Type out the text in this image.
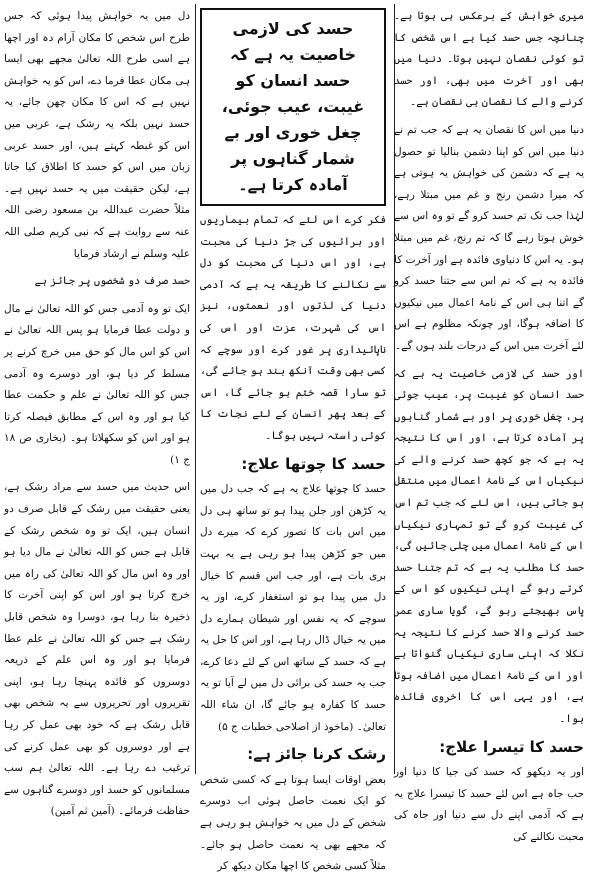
میری خواہش کے برعکس ہی ہوتا ہے۔ چنانچہ جس حسد کیا ہے اس شخص کا تو کوئی نقصان نہیں ہوتا۔ دنیا میں بھی اور آخرت میں بھی، اور حسد کرنے والے کا نقصان ہی نقصان ہے۔

دنیا میں اس کا نقصان یہ ہے کہ جب تم نے دنیا میں اس کو اپنا دشمن بنالیا تو حصول یہ ہے کہ دشمن کی خواہش یہ ہوتی ہے کہ میرا دشمن رنج و غم میں مبتلا رہے، لہٰذا جب تک تم حسد کرو گے تو وہ اس سے خوش ہوتا رہے گا کہ تم رنج، غم میں مبتلا ہو۔ یہ اس کا دنیاوی فائدہ ہے اور آخرت کا فائدہ یہ ہے کہ تم اس سے جتنا حسد کرو گے اتنا ہی اس کے نامۂ اعمال میں نیکیوں کا اضافہ ہوگا، اور چونکہ مظلوم ہے اس لئے آخرت میں اس کے درجات بلند ہوں گے۔

اور حسد کی لازمی خاصیت یہ ہے کہ حسد انسان کو غیبت پر، عیب جوئی پر، چغل خوری پر اور بے شمار گناہوں پر آمادہ کرتا ہے، اور اس کا نتیجہ یہ ہے کہ جو کچھ حسد کرنے والے کی نیکیاں اس کے نامۂ اعمال میں منتقل ہو جاتی ہیں، اس لئے کہ جب تم اس کی غیبت کرو گے تو تمہاری نیکیاں اس کے نامۂ اعمال میں چلی جائیں گی، حسد کا مطلب یہ ہے کہ تم جتنا حسد کرتے رہو گے اپنی نیکیوں کو اس کے پاس بھیجتے رہو گے، گویا ساری عمر حسد کرنے والا حسد کرنے کا نتیجہ یہ نکلا کہ اپنی ساری نیکیاں گنواتا ہے اور اس کے نامۂ اعمال میں اضافہ ہوتا ہے، اور یہی اس کا اخروی فائدہ ہوا۔

حسد کا تیسرا علاج:

اور یہ دیکھو کہ حسد کی جیا کا دنیا اور حب جاہ ہے اس لئے حسد کا تیسرا علاج یہ ہے کہ آدمی اپنے دل سے دنیا اور جاہ کی محبت نکالنے کی

حسد کی لازمی خاصیت یہ ہے کہ حسد انسان کو غیبت، عیب جوئی، چغل خوری اور بے شمار گناہوں پر آمادہ کرتا ہے۔

فکر کرے اس لئے کہ تمام بیماریوں اور برائیوں کی جڑ دنیا کی محبت ہے، اور اس دنیا کی محبت کو دل سے نکالنے کا طریقہ یہ ہے کہ آدمی دنیا کی لذتوں اور نعمتوں، نیز اس کی شہرت، عزت اور اس کی ناپائیداری پر غور کرے اور سوچے کہ کسی بھی وقت آنکھ بند ہو جائے گی، تو سارا قصہ ختم ہو جائے گا، اس کے بعد پھر انسان کے لئے نجات کا کوئی راستہ نہیں ہوگا۔

حسد کا چوتھا علاج:

حسد کا چوتھا علاج یہ ہے کہ جب دل میں یہ کڑھن اور جلن پیدا ہو تو ساتھ ہی دل میں اس بات کا تصور کرے کہ میرے دل میں جو کڑھن پیدا ہو رہی ہے یہ بہت بری بات ہے، اور جب اس قسم کا خیال دل میں پیدا ہو تو استغفار کرے، اور یہ سوچے کہ یہ نفس اور شیطان ہمارے دل میں یہ خیال ڈال رہا ہے، اور اس کا حل یہ ہے کہ حسد کے ساتھ اس کے لئے دعا کرے، جب یہ حسد کی برائی دل میں لے آیا تو یہ حسد کا کفارہ ہو جائے گا، ان شاء اللہ تعالیٰ۔ (ماخوذ از اصلاحی خطبات ج ۵)

رشک کرنا جائز ہے:

بعض اوقات ایسا ہوتا ہے کہ کسی شخص کو ایک نعمت حاصل ہوئی اب دوسرے شخص کے دل میں یہ خواہش ہو رہی ہے کہ مجھے بھی یہ نعمت حاصل ہو جائے۔ مثلاً کسی شخص کا اچھا مکان دیکھ کر

دل میں یہ خواہش پیدا ہوئی کہ جس طرح اس شخص کا مکان آرام دہ اور اچھا ہے اسی طرح اللہ تعالیٰ مجھے بھی ایسا ہی مکان عطا فرما دے، اس کو یہ خواہش نہیں ہے کہ اس کا مکان چھن جائے، یہ حسد نہیں بلکہ یہ رشک ہے، عربی میں اس کو غبطہ کہتے ہیں، اور حسد عربی زبان میں اس کو حسد کا اطلاق کیا جاتا ہے، لیکن حقیقت میں یہ حسد نہیں ہے۔ مثلاً حضرت عبداللہ بن مسعود رضی اللہ عنہ سے روایت ہے کہ نبی کریم صلی اللہ علیہ وسلم نے ارشاد فرمایا

حسد صرف دو شخصوں پر جائز ہے

ایک تو وہ آدمی جس کو اللہ تعالیٰ نے مال و دولت عطا فرمایا ہو پس اللہ تعالیٰ نے اس کو اس مال کو حق میں خرچ کرنے پر مسلط کر دیا ہو، اور دوسرے وہ آدمی جس کو اللہ تعالیٰ نے علم و حکمت عطا کیا ہو اور وہ اس کے مطابق فیصلہ کرتا ہو اور اس کو سکھلاتا ہو۔ (بخاری ص ۱۸ ج ۱)

اس حدیث میں حسد سے مراد رشک ہے، یعنی حقیقت میں رشک کے قابل صرف دو انسان ہیں، ایک تو وہ شخص رشک کے قابل ہے جس کو اللہ تعالیٰ نے مال دیا ہو اور وہ اس مال کو اللہ تعالیٰ کی راہ میں خرچ کرتا ہو اور اس کو اپنی آخرت کا ذخیرہ بنا رہا ہو، دوسرا وہ شخص قابل رشک ہے جس کو اللہ تعالیٰ نے علم عطا فرمایا ہو اور وہ اس علم کے ذریعہ دوسروں کو فائدہ پہنچا رہا ہو، اپنی تقریروں اور تحریروں سے یہ شخص بھی قابل رشک ہے کہ خود بھی عمل کر رہا ہے اور دوسروں کو بھی عمل کرنے کی ترغیب دے رہا ہے۔ اللہ تعالیٰ ہم سب مسلمانوں کو حسد اور دوسرے گناہوں سے حفاظت فرمائے۔ (آمین ثم آمین)
